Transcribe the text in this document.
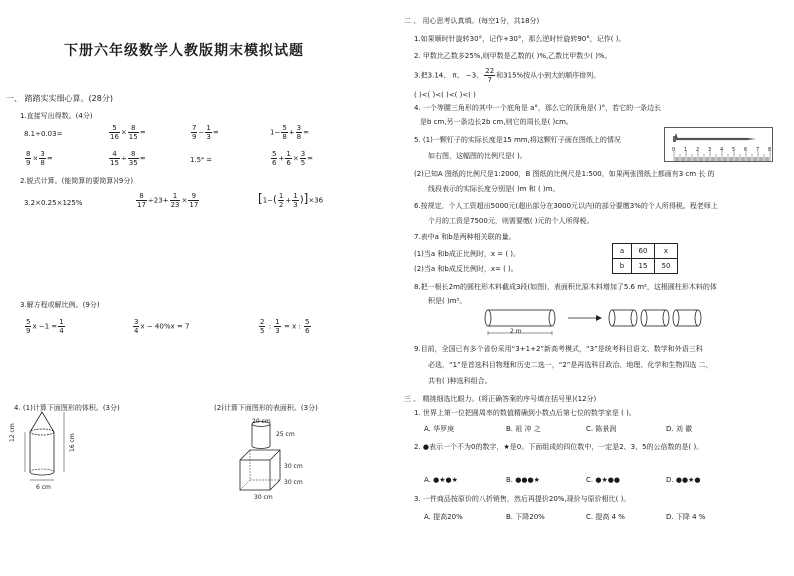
下册六年级数学人教版期末模拟试题
一、 踏踏实实细心算。(28分)
1.直接写出得数。(4分)
8.1÷0.03=	$\frac{5}{16} \times \frac{8}{15}$ =	$\frac{7}{9} - \frac{1}{3}$ =	$1- \frac{5}{8} + \frac{3}{8}$ =
$\frac{8}{9} \times \frac{3}{8}$ =	$\frac{4}{15} \div \frac{8}{35}$ =	1.5⁴ =	$\frac{5}{6} + \frac{1}{6} \times \frac{3}{5}$ =
2.脱式计算。(能简算的要简算)(9分)
3.2×0.25×125%	$\frac{8}{17} \div 23+ \frac{1}{23} \times \frac{9}{17}$	$[1-( \frac{1}{2} + \frac{1}{3} )]\times 36$
3.解方程或解比例。(9分)
$\frac{5}{9}$ $x -1 = \frac{1}{4}$	$\frac{3}{4}$ x − 40%x = 7	$\frac{2}{5}$ : $\frac{1}{3} = x$ : $\frac{5}{6}$
4. (1)计算下面图形的体积。(3分)	(2)计算下面图形的表面积。(3分)
12 cm
16 cm
6 cm
20 cm
25 cm
30 cm
30 cm
30 cm
二 、 用心思考认真填。(每空1分，共18分)
1.如果顺时针旋转30°，记作+30°，那么逆时针旋转90°，记作( )。
2. 甲数比乙数多25%,则甲数是乙数的( )%,乙数比甲数少( )%。
3.把3.14、 π、 −3、 $\frac{22}{7}$ 和315%按从小到大的顺序排列。
( )<( )<( )<( )<( )
4. 一个等腰三角形的其中一个底角是 a°，那么它的顶角是( )°，若它的一条边长
是b cm,另一条边长2b cm,则它的周长是( )cm。
5. (1)一颗钉子的实际长度是15 mm,将这颗钉子画在图纸上的情况
如右图，这幅图的比例尺是( )。
0 1 2 3 4 5 6 7 8
(2)已知A 图纸的比例尺是1:2000，B 图纸的比例尺是1:500，如果两张图纸上都画有3 cm 长 的
线段表示的实际长度分别是( )m 和 ( )m。
6.按规定，个人工资超出5000元(超出部分在3000元以内)的部分要缴3%的个人所得税。程老师上
个月的工资是7500元，则需要缴( )元的个人所得税。
7.表中a 和b是两种相关联的量。
(1)当a 和b成正比例时，x = ( )。
(2)当a 和b成反比例时，x= ( )。
a	60	x
b	15	50
8.把一根长2m的圆柱形木料截成3段(如图)，表面积比原木料增加了5.6 m²，这根圆柱形木料的体
积是( )m³。
2 m
9.目前，全国已有多个省份采用“3+1+2”新高考模式，“3”是统考科目语文、数学和外语三科
必选，“1”是首选科目物理和历史二选一，“2”是再选科目政治、地理、化学和生物四选 二，
共有( )种选科组合。
三 、 精挑细选比眼力。(将正确答案的序号填在括号里)(12分)
1. 世界上第一位把圆周率的数值精确到小数点后第七位的数学家是 ( )。
A. 华罗庚	B. 祖 冲 之	C. 陈景润	D. 刘 徽
2. ●表示一个不为0的数字，★是0。下面组成的四位数中，一定是2、3、5的公倍数的是( )。
A. ●★●★	B. ●●●★	C. ●★●●	D. ●●★●
3. 一件商品按原价的八折销售，然后再提价20%,现价与原价相比( )。
A. 提高20%	B. 下降20%	C. 提高 4 %	D. 下降 4 %
